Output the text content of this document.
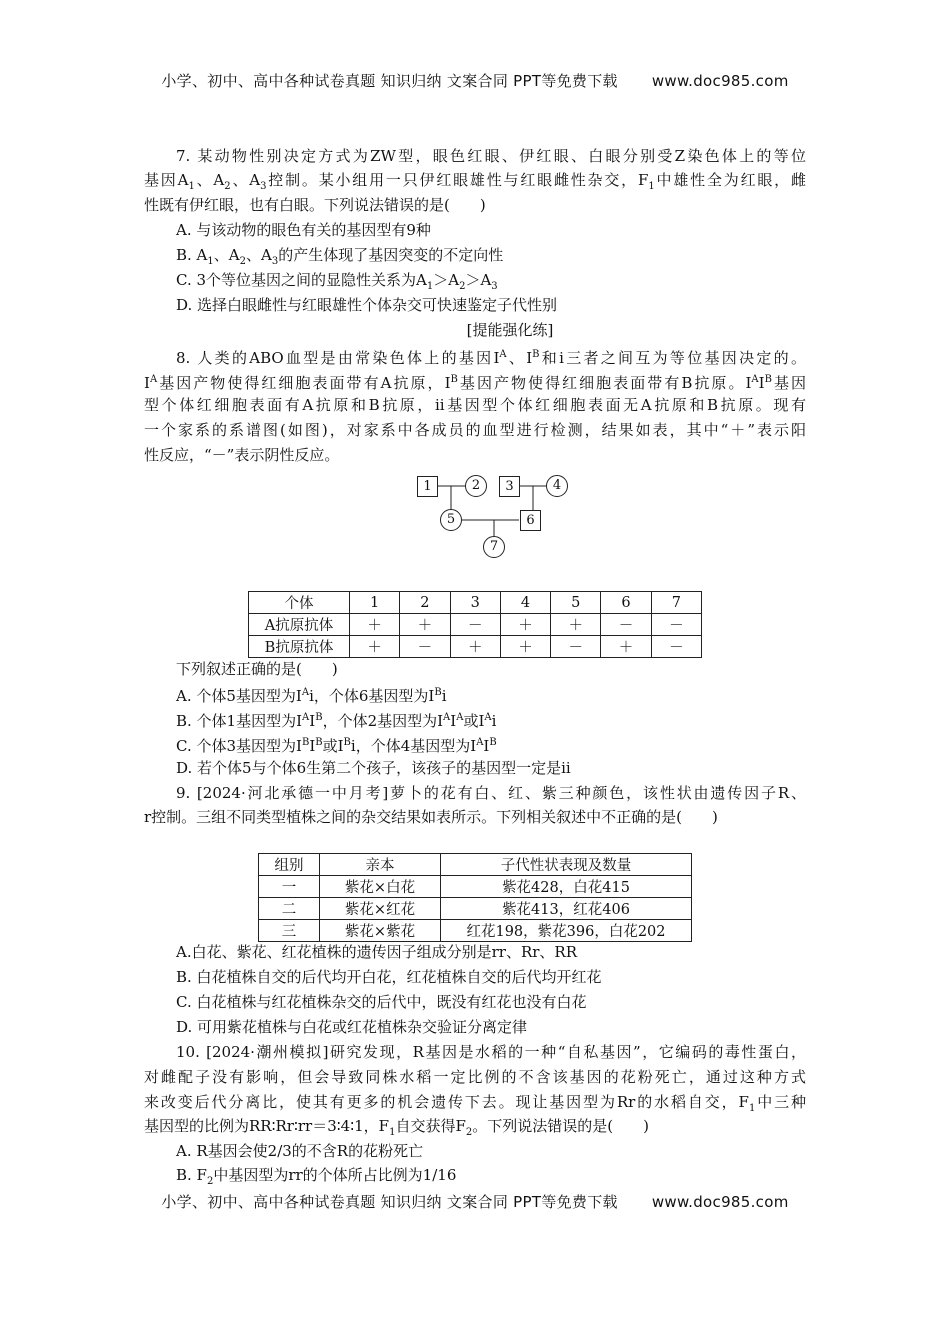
小学、初中、高中各种试卷真题 知识归纳 文案合同 PPT等免费下载 www.doc985.com
7. 某动物性别决定方式为ZW型，眼色红眼、伊红眼、白眼分别受Z染色体上的等位
基因$A_1$、$A_2$、$A_3$控制。某小组用一只伊红眼雄性与红眼雌性杂交，$F_1$中雄性全为红眼，雌
性既有伊红眼，也有白眼。下列说法错误的是(　　)
A. 与该动物的眼色有关的基因型有9种
B. $A_1$、$A_2$、$A_3$的产生体现了基因突变的不定向性
C. 3个等位基因之间的显隐性关系为$A_1>A_2>A_3$
D. 选择白眼雌性与红眼雄性个体杂交可快速鉴定子代性别
[提能强化练]
8. 人类的ABO血型是由常染色体上的基因$I^A$、$I^B$和i三者之间互为等位基因决定的。
$I^A$基因产物使得红细胞表面带有A抗原，$I^B$基因产物使得红细胞表面带有B抗原。$I^AI^B$基因
型个体红细胞表面有A抗原和B抗原，ii基因型个体红细胞表面无A抗原和B抗原。现有
一个家系的系谱图(如图)，对家系中各成员的血型进行检测，结果如表，其中“＋”表示阳
性反应，“－”表示阴性反应。
1	2	3	4
5	6
7
个体	1	2	3	4	5	6	7
A抗原抗体	＋	＋	－	＋	＋	－	－
B抗原抗体	＋	－	＋	＋	－	＋	－
下列叙述正确的是(　　)
A. 个体5基因型为$I^Ai$，个体6基因型为$I^Bi$
B. 个体1基因型为$I^AI^B$，个体2基因型为$I^AI^A$或$I^Ai$
C. 个体3基因型为$I^BI^B$或$I^Bi$，个体4基因型为$I^AI^B$
D. 若个体5与个体6生第二个孩子，该孩子的基因型一定是ii
9. [2024·河北承德一中月考]萝卜的花有白、红、紫三种颜色，该性状由遗传因子R、
r控制。三组不同类型植株之间的杂交结果如表所示。下列相关叙述中不正确的是(　　)
组别	亲本	子代性状表现及数量
一	紫花×白花	紫花428，白花415
二	紫花×红花	紫花413，红花406
三	紫花×紫花	红花198，紫花396，白花202
A.白花、紫花、红花植株的遗传因子组成分别是rr、Rr、RR
B. 白花植株自交的后代均开白花，红花植株自交的后代均开红花
C. 白花植株与红花植株杂交的后代中，既没有红花也没有白花
D. 可用紫花植株与白花或红花植株杂交验证分离定律
10. [2024·潮州模拟]研究发现，R基因是水稻的一种“自私基因”，它编码的毒性蛋白，
对雌配子没有影响，但会导致同株水稻一定比例的不含该基因的花粉死亡，通过这种方式
来改变后代分离比，使其有更多的机会遗传下去。现让基因型为Rr的水稻自交，$F_1$中三种
基因型的比例为RR∶Rr∶rr＝3∶4∶1，$F_1$自交获得$F_2$。下列说法错误的是(　　)
A. R基因会使2/3的不含R的花粉死亡
B. $F_2$中基因型为rr的个体所占比例为1/16
小学、初中、高中各种试卷真题 知识归纳 文案合同 PPT等免费下载 www.doc985.com
